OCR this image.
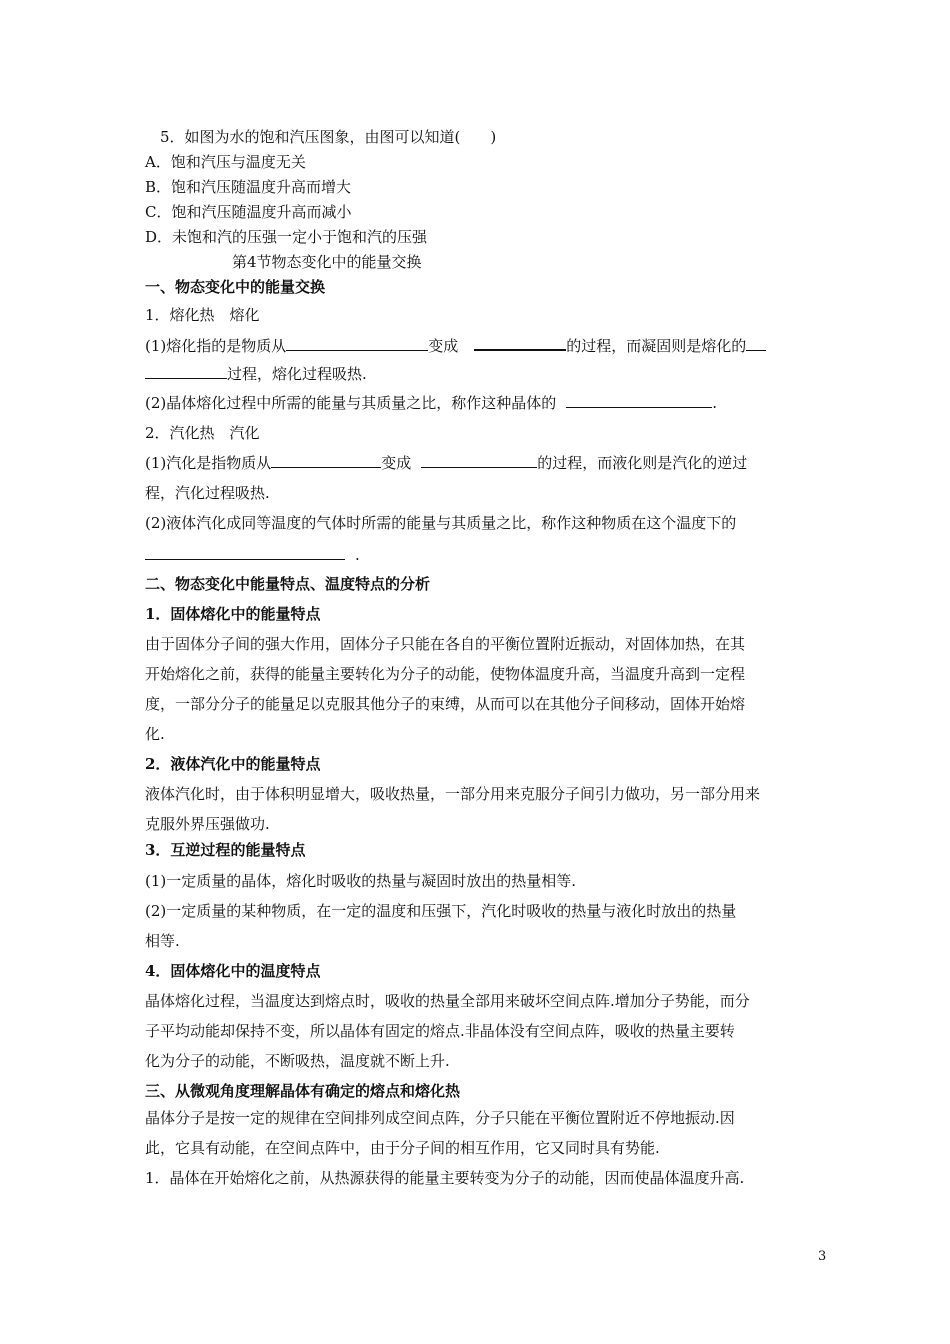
5．如图为水的饱和汽压图象，由图可以知道(　　)
A．饱和汽压与温度无关
B．饱和汽压随温度升高而增大
C．饱和汽压随温度升高而减小
D．未饱和汽的压强一定小于饱和汽的压强
第4节物态变化中的能量交换
一、物态变化中的能量交换
1．熔化热　熔化
(1)熔化指的是物质从	变成	的过程，而凝固则是熔化的
过程，熔化过程吸热.
(2)晶体熔化过程中所需的能量与其质量之比，称作这种晶体的	.
2．汽化热　汽化
(1)汽化是指物质从	变成	的过程，而液化则是汽化的逆过
程，汽化过程吸热.
(2)液体汽化成同等温度的气体时所需的能量与其质量之比，称作这种物质在这个温度下的
.
二、物态变化中能量特点、温度特点的分析
1．固体熔化中的能量特点
由于固体分子间的强大作用，固体分子只能在各自的平衡位置附近振动，对固体加热，在其
开始熔化之前，获得的能量主要转化为分子的动能，使物体温度升高，当温度升高到一定程
度，一部分分子的能量足以克服其他分子的束缚，从而可以在其他分子间移动，固体开始熔
化.
2．液体汽化中的能量特点
液体汽化时，由于体积明显增大，吸收热量，一部分用来克服分子间引力做功，另一部分用来
克服外界压强做功.
3．互逆过程的能量特点
(1)一定质量的晶体，熔化时吸收的热量与凝固时放出的热量相等.
(2)一定质量的某种物质，在一定的温度和压强下，汽化时吸收的热量与液化时放出的热量
相等.
4．固体熔化中的温度特点
晶体熔化过程，当温度达到熔点时，吸收的热量全部用来破坏空间点阵.增加分子势能，而分
子平均动能却保持不变，所以晶体有固定的熔点.非晶体没有空间点阵，吸收的热量主要转
化为分子的动能，不断吸热，温度就不断上升.
三、从微观角度理解晶体有确定的熔点和熔化热
晶体分子是按一定的规律在空间排列成空间点阵，分子只能在平衡位置附近不停地振动.因
此，它具有动能，在空间点阵中，由于分子间的相互作用，它又同时具有势能.
1．晶体在开始熔化之前，从热源获得的能量主要转变为分子的动能，因而使晶体温度升高.
3
